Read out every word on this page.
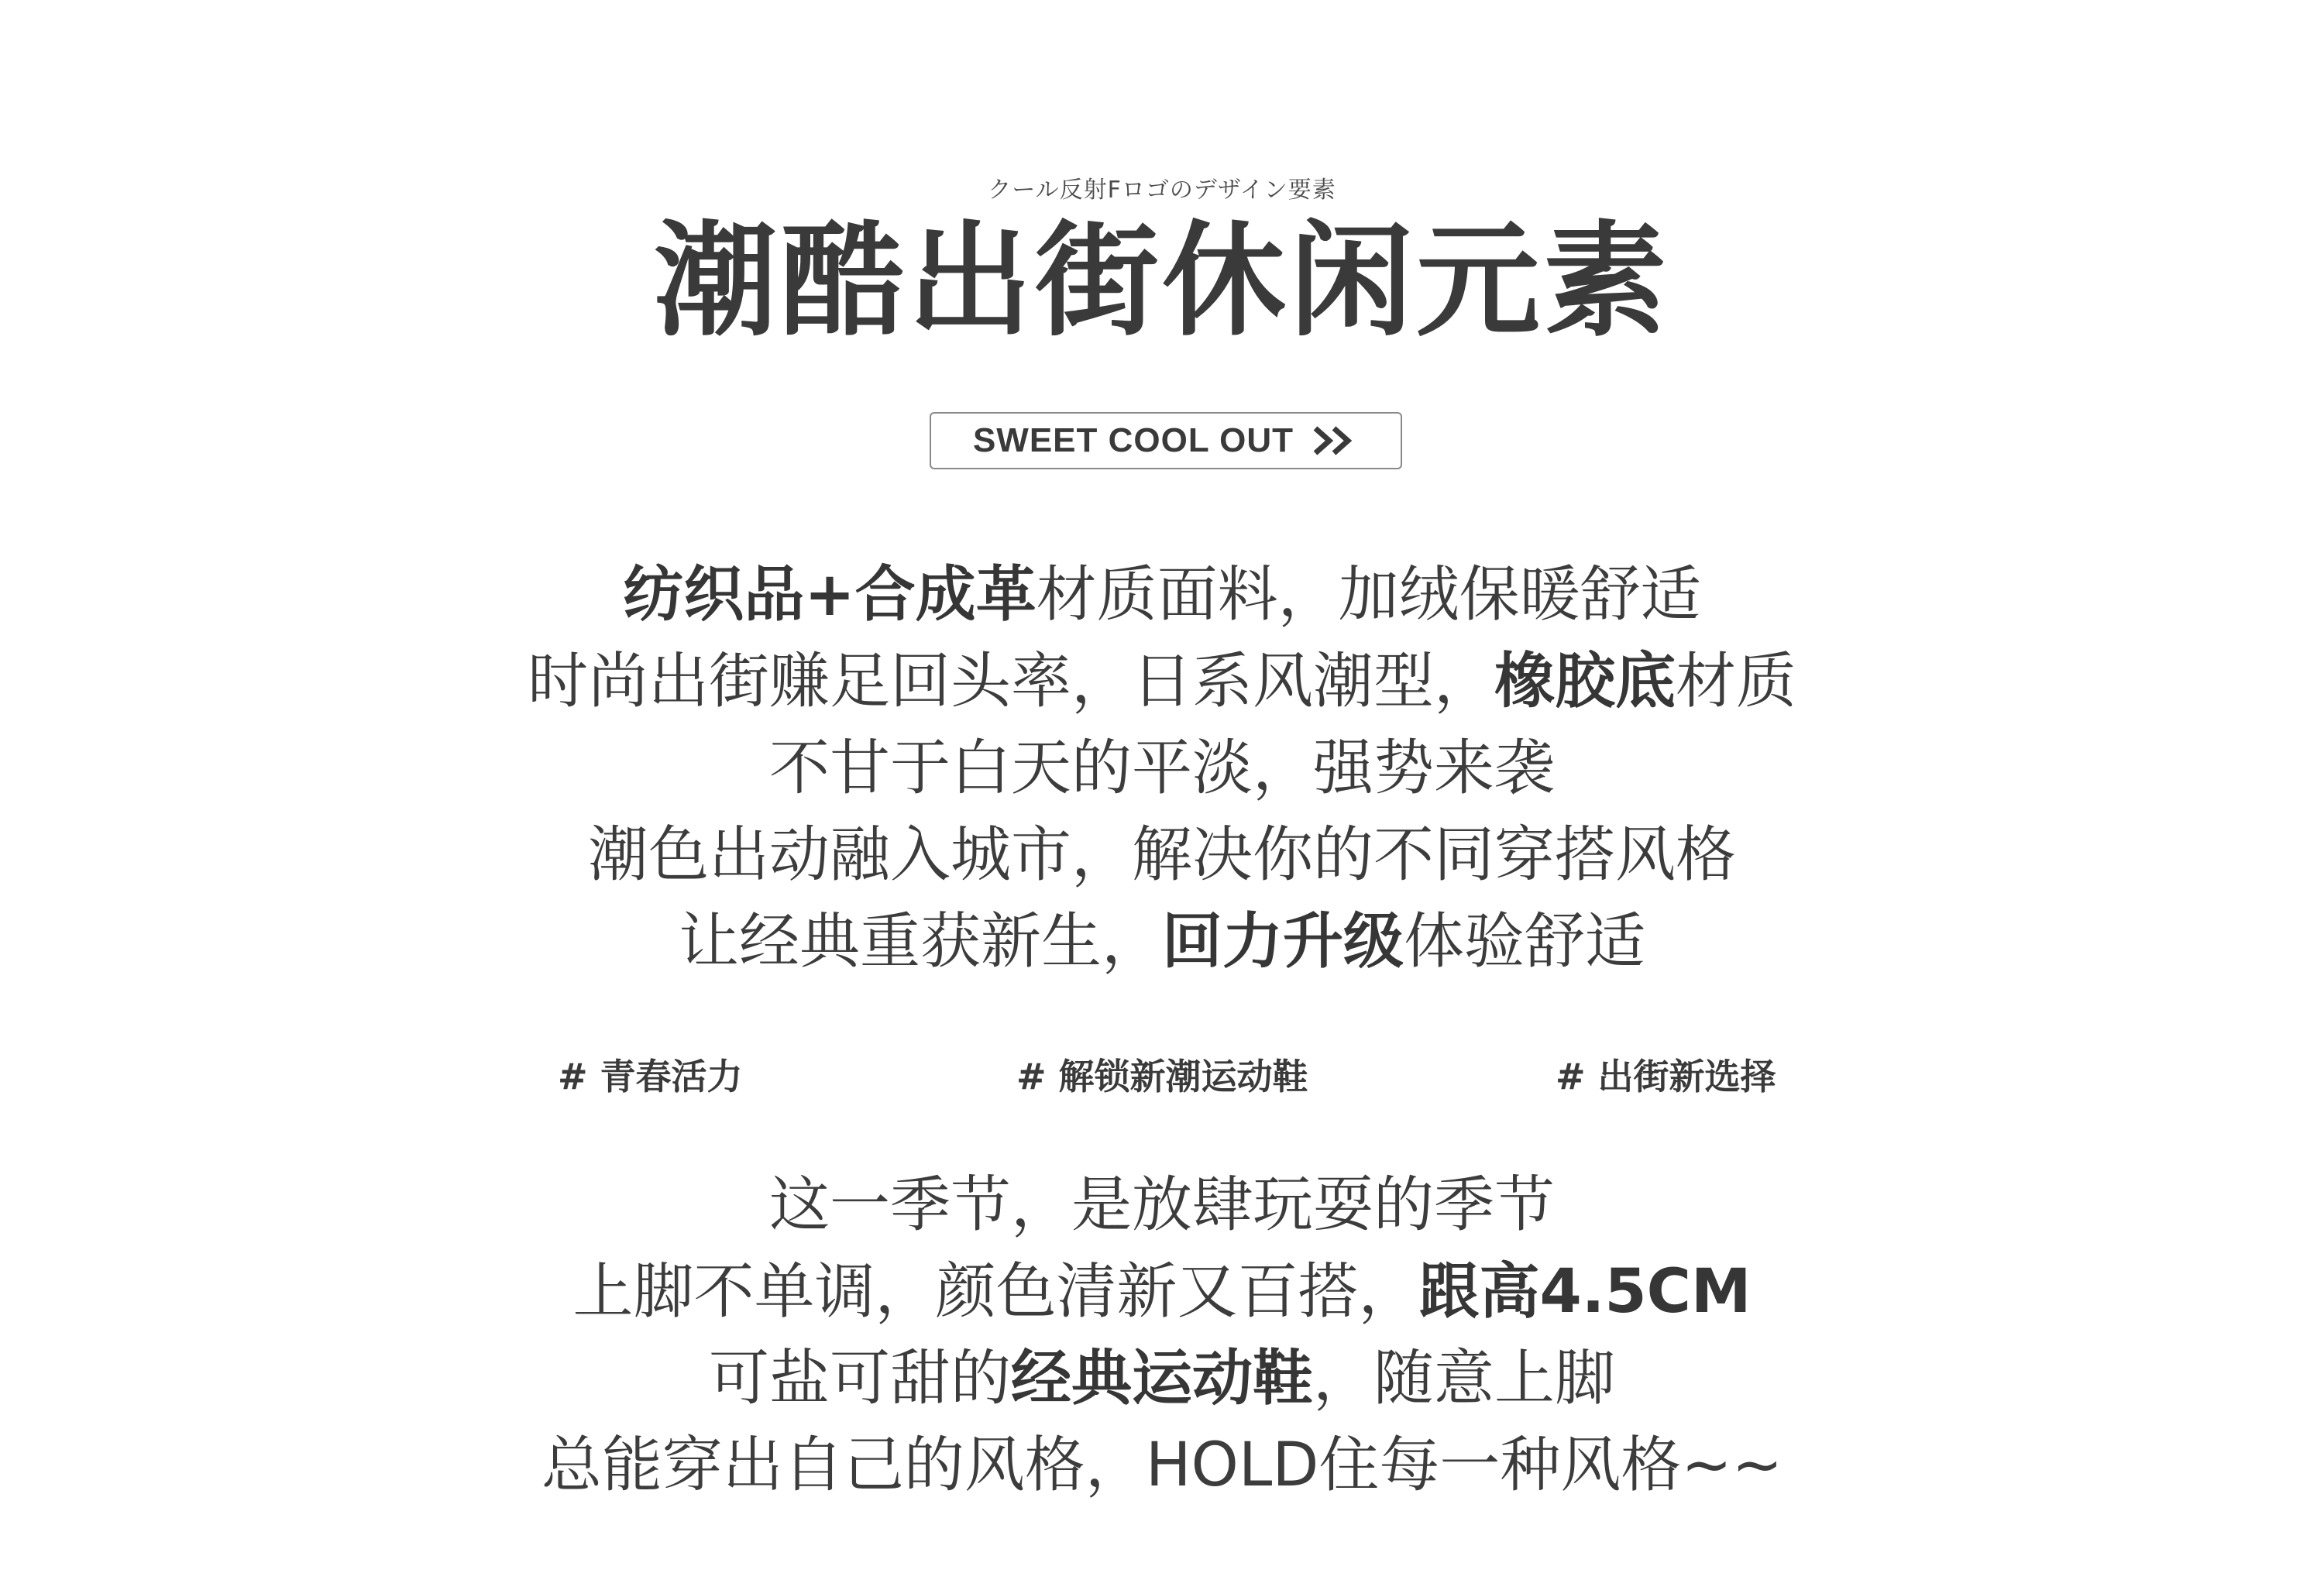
クール反射Fロゴのデザイン要素
潮酷出街休闲元素
SWEET COOL OUT
纺织品+合成革材质面料，加绒保暖舒适
时尚出街赚足回头率，日系风潮型，橡胶底材质
不甘于白天的平淡，强势来袭
潮色出动融入城市，解决你的不同穿搭风格
让经典重获新生，回力升级体验舒适
# 青春活力	# 解锁新潮运动鞋	# 出街新选择
这一季节，是放肆玩耍的季节
上脚不单调，颜色清新又百搭，跟高4.5CM
可盐可甜的经典运动鞋，随意上脚
总能穿出自己的风格，HOLD住每一种风格~~
